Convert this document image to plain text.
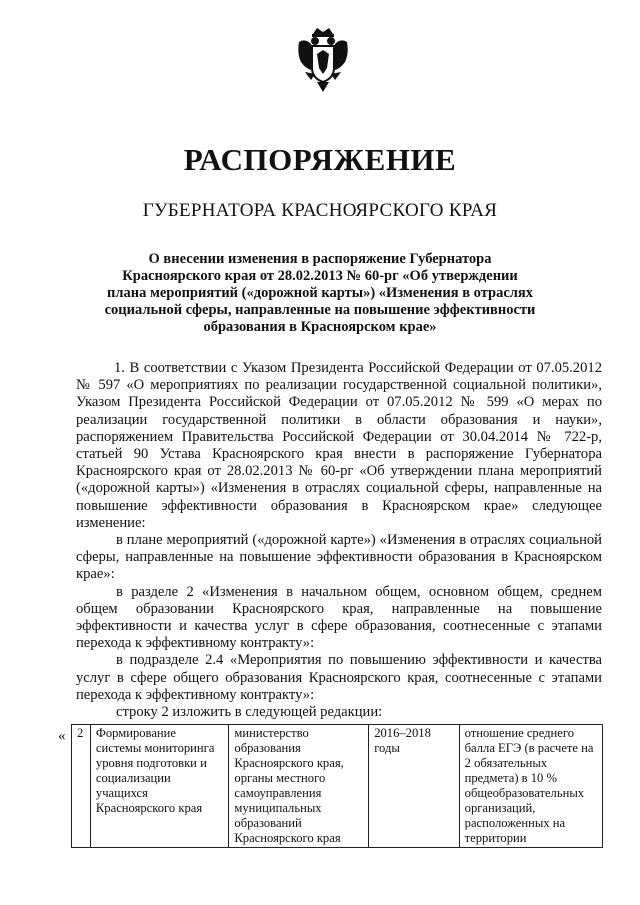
РАСПОРЯЖЕНИЕ
ГУБЕРНАТОРА КРАСНОЯРСКОГО КРАЯ
О внесении изменения в распоряжение Губернатора
Красноярского края от 28.02.2013 № 60-рг «Об утверждении
плана мероприятий («дорожной карты») «Изменения в отраслях
социальной сферы, направленные на повышение эффективности
образования в Красноярском крае»

1. В соответствии с Указом Президента Российской Федерации от 07.05.2012 № 597 «О мероприятиях по реализации государственной социальной политики», Указом Президента Российской Федерации от 07.05.2012 № 599 «О мерах по реализации государственной политики в области образования и науки», распоряжением Правительства Российской Федерации от 30.04.2014 № 722-р, статьей 90 Устава Красноярского края внести в распоряжение Губернатора Красноярского края от 28.02.2013 № 60-рг «Об утверждении плана мероприятий («дорожной карты») «Изменения в отраслях социальной сферы, направленные на повышение эффективности образования в Красноярском крае» следующее изменение:

в плане мероприятий («дорожной карте») «Изменения в отраслях социальной сферы, направленные на повышение эффективности образования в Красноярском крае»:

в разделе 2 «Изменения в начальном общем, основном общем, среднем общем образовании Красноярского края, направленные на повышение эффективности и качества услуг в сфере образования, соотнесенные с этапами перехода к эффективному контракту»:

в подразделе 2.4 «Мероприятия по повышению эффективности и качества услуг в сфере общего образования Красноярского края, соотнесенные с этапами перехода к эффективному контракту»:

строку 2 изложить в следующей редакции:

« 2	Формирование системы мониторинга уровня подготовки и социализации учащихся Красноярского края	министерство образования Красноярского края, органы местного самоуправления муниципальных образований Красноярского края	2016–2018 годы	отношение среднего балла ЕГЭ (в расчете на 2 обязательных предмета) в 10 % общеобразовательных организаций, расположенных на территории
